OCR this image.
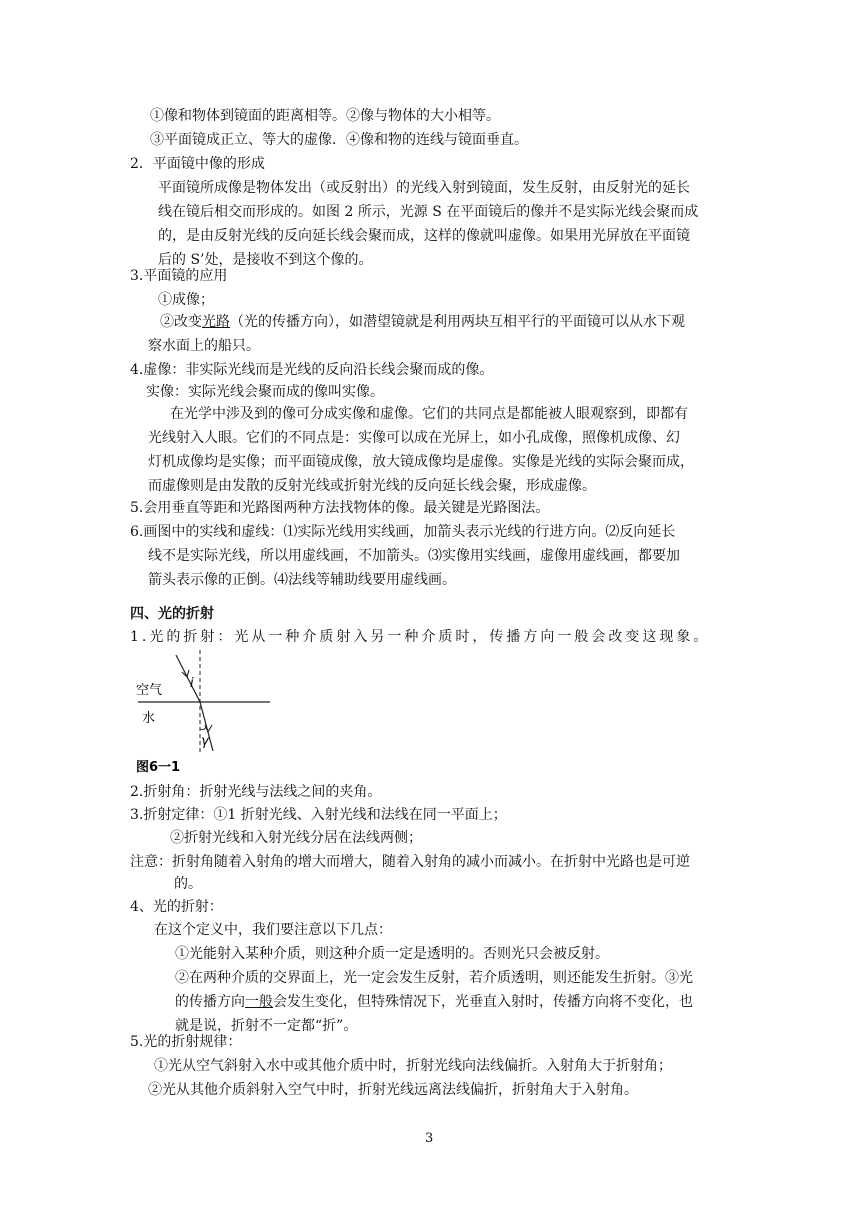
①像和物体到镜面的距离相等。②像与物体的大小相等。
③平面镜成正立、等大的虚像．④像和物的连线与镜面垂直。
2．平面镜中像的形成
平面镜所成像是物体发出（或反射出）的光线入射到镜面，发生反射，由反射光的延长
线在镜后相交而形成的。如图 2 所示，光源 S 在平面镜后的像并不是实际光线会聚而成
的，是由反射光线的反向延长线会聚而成，这样的像就叫虚像。如果用光屏放在平面镜
后的 S’处，是接收不到这个像的。
3.平面镜的应用
①成像；
②改变光路（光的传播方向），如潜望镜就是利用两块互相平行的平面镜可以从水下观
察水面上的船只。
4.虚像：非实际光线而是光线的反向沿长线会聚而成的像。
实像：实际光线会聚而成的像叫实像。
在光学中涉及到的像可分成实像和虚像。它们的共同点是都能被人眼观察到，即都有
光线射入人眼。它们的不同点是：实像可以成在光屏上，如小孔成像，照像机成像、幻
灯机成像均是实像；而平面镜成像，放大镜成像均是虚像。实像是光线的实际会聚而成，
而虚像则是由发散的反射光线或折射光线的反向延长线会聚，形成虚像。
5.会用垂直等距和光路图两种方法找物体的像。最关键是光路图法。
6.画图中的实线和虚线：⑴实际光线用实线画，加箭头表示光线的行进方向。⑵反向延长
线不是实际光线，所以用虚线画，不加箭头。⑶实像用实线画，虚像用虚线画，都要加
箭头表示像的正倒。⑷法线等辅助线要用虚线画。
四、光的折射
1.光的折射：光从一种介质射入另一种介质时，传播方向一般会改变这现象。
空气
水
i
γ
图6一1
2.折射角：折射光线与法线之间的夹角。
3.折射定律：①1 折射光线、入射光线和法线在同一平面上；
②折射光线和入射光线分居在法线两侧；
注意：折射角随着入射角的增大而增大，随着入射角的减小而减小。在折射中光路也是可逆
的。
4、光的折射：
在这个定义中，我们要注意以下几点：
①光能射入某种介质，则这种介质一定是透明的。否则光只会被反射。
②在两种介质的交界面上，光一定会发生反射，若介质透明，则还能发生折射。③光
的传播方向一般会发生变化，但特殊情况下，光垂直入射时，传播方向将不变化，也
就是说，折射不一定都“折”。
5.光的折射规律：
①光从空气斜射入水中或其他介质中时，折射光线向法线偏折。入射角大于折射角；
②光从其他介质斜射入空气中时，折射光线远离法线偏折，折射角大于入射角。
3
